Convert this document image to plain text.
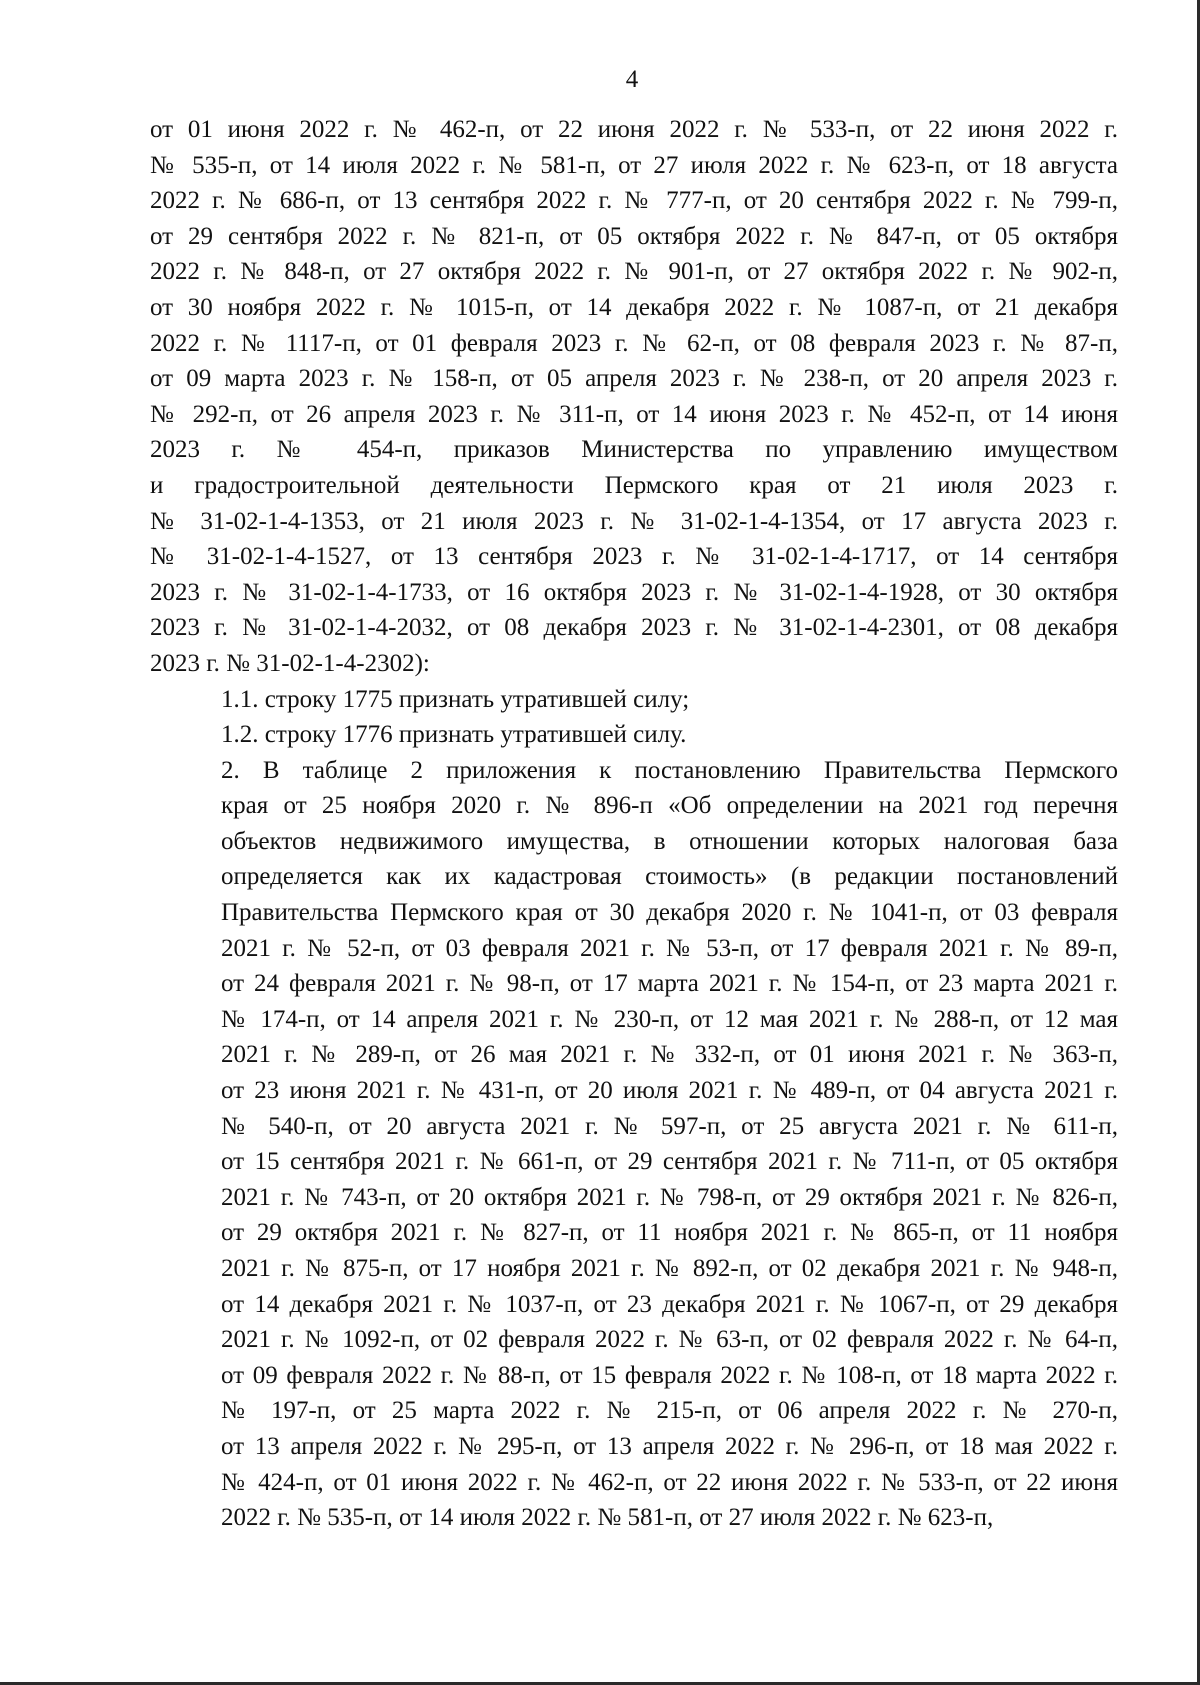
4

от 01 июня 2022 г. № 462-п, от 22 июня 2022 г. № 533-п, от 22 июня 2022 г.
№ 535-п, от 14 июля 2022 г. № 581-п, от 27 июля 2022 г. № 623-п, от 18 августа
2022 г. № 686-п, от 13 сентября 2022 г. № 777-п, от 20 сентября 2022 г. № 799-п,
от 29 сентября 2022 г. № 821-п, от 05 октября 2022 г. № 847-п, от 05 октября
2022 г. № 848-п, от 27 октября 2022 г. № 901-п, от 27 октября 2022 г. № 902-п,
от 30 ноября 2022 г. № 1015-п, от 14 декабря 2022 г. № 1087-п, от 21 декабря
2022 г. № 1117-п, от 01 февраля 2023 г. № 62-п, от 08 февраля 2023 г. № 87-п,
от 09 марта 2023 г. № 158-п, от 05 апреля 2023 г. № 238-п, от 20 апреля 2023 г.
№ 292-п, от 26 апреля 2023 г. № 311-п, от 14 июня 2023 г. № 452-п, от 14 июня
2023 г. № 454-п, приказов Министерства по управлению имуществом
и градостроительной деятельности Пермского края от 21 июля 2023 г.
№ 31-02-1-4-1353, от 21 июля 2023 г. № 31-02-1-4-1354, от 17 августа 2023 г.
№ 31-02-1-4-1527, от 13 сентября 2023 г. № 31-02-1-4-1717, от 14 сентября
2023 г. № 31-02-1-4-1733, от 16 октября 2023 г. № 31-02-1-4-1928, от 30 октября
2023 г. № 31-02-1-4-2032, от 08 декабря 2023 г. № 31-02-1-4-2301, от 08 декабря
2023 г. № 31-02-1-4-2302):

1.1. строку 1775 признать утратившей силу;

1.2. строку 1776 признать утратившей силу.

2. В таблице 2 приложения к постановлению Правительства Пермского
края от 25 ноября 2020 г. № 896-п «Об определении на 2021 год перечня
объектов недвижимого имущества, в отношении которых налоговая база
определяется как их кадастровая стоимость» (в редакции постановлений
Правительства Пермского края от 30 декабря 2020 г. № 1041-п, от 03 февраля
2021 г. № 52-п, от 03 февраля 2021 г. № 53-п, от 17 февраля 2021 г. № 89-п,
от 24 февраля 2021 г. № 98-п, от 17 марта 2021 г. № 154-п, от 23 марта 2021 г.
№ 174-п, от 14 апреля 2021 г. № 230-п, от 12 мая 2021 г. № 288-п, от 12 мая
2021 г. № 289-п, от 26 мая 2021 г. № 332-п, от 01 июня 2021 г. № 363-п,
от 23 июня 2021 г. № 431-п, от 20 июля 2021 г. № 489-п, от 04 августа 2021 г.
№ 540-п, от 20 августа 2021 г. № 597-п, от 25 августа 2021 г. № 611-п,
от 15 сентября 2021 г. № 661-п, от 29 сентября 2021 г. № 711-п, от 05 октября
2021 г. № 743-п, от 20 октября 2021 г. № 798-п, от 29 октября 2021 г. № 826-п,
от 29 октября 2021 г. № 827-п, от 11 ноября 2021 г. № 865-п, от 11 ноября
2021 г. № 875-п, от 17 ноября 2021 г. № 892-п, от 02 декабря 2021 г. № 948-п,
от 14 декабря 2021 г. № 1037-п, от 23 декабря 2021 г. № 1067-п, от 29 декабря
2021 г. № 1092-п, от 02 февраля 2022 г. № 63-п, от 02 февраля 2022 г. № 64-п,
от 09 февраля 2022 г. № 88-п, от 15 февраля 2022 г. № 108-п, от 18 марта 2022 г.
№ 197-п, от 25 марта 2022 г. № 215-п, от 06 апреля 2022 г. № 270-п,
от 13 апреля 2022 г. № 295-п, от 13 апреля 2022 г. № 296-п, от 18 мая 2022 г.
№ 424-п, от 01 июня 2022 г. № 462-п, от 22 июня 2022 г. № 533-п, от 22 июня
2022 г. № 535-п, от 14 июля 2022 г. № 581-п, от 27 июля 2022 г. № 623-п,
